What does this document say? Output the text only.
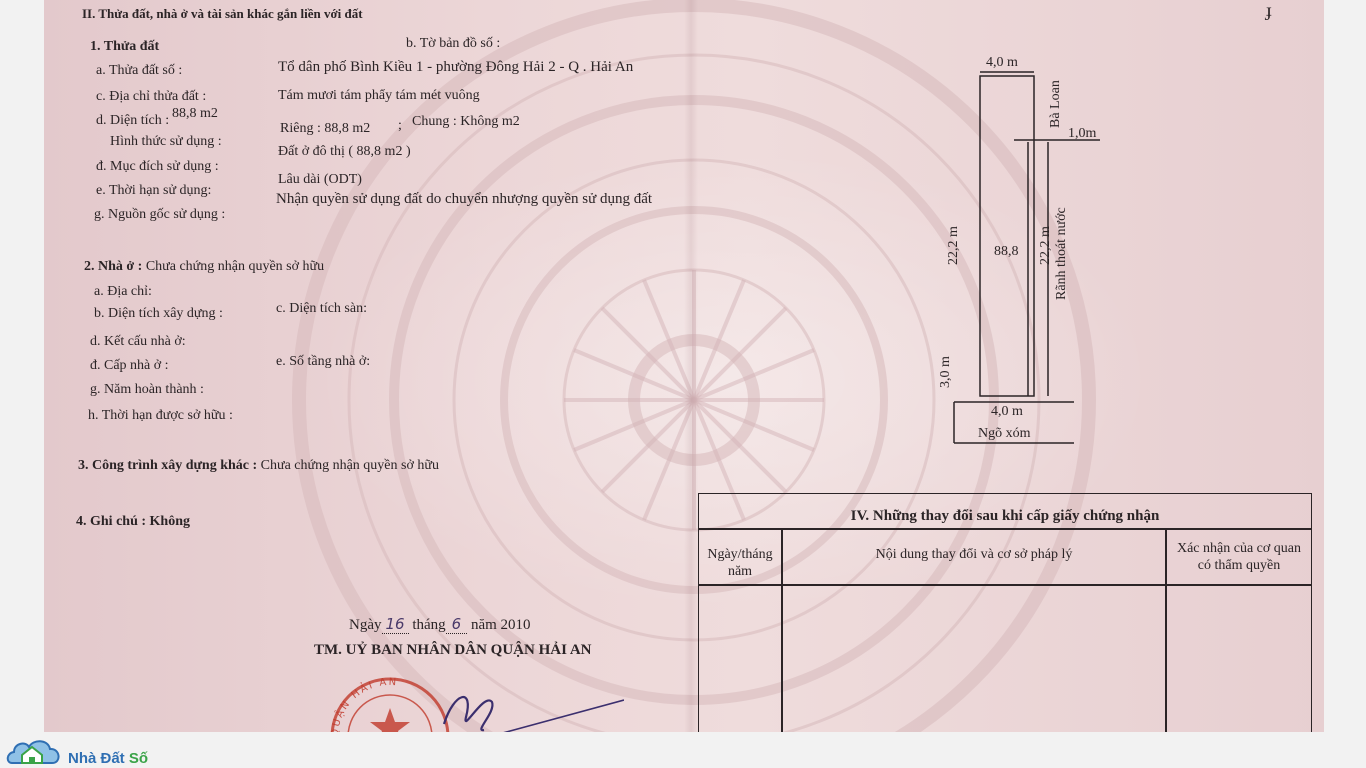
II. Thửa đất, nhà ở và tài sản khác gắn liền với đất
1. Thửa đất	b. Tờ bản đồ số :
a. Thửa đất số :
c. Địa chỉ thửa đất :
Tổ dân phố Bình Kiều 1 - phường Đông Hải 2 - Q . Hải An
d. Diện tích : 88,8 m2
Tám mươi tám phẩy tám mét vuông
Hình thức sử dụng :
Riêng : 88,8 m2 ; Chung : Không m2
đ. Mục đích sử dụng :
Đất ở đô thị ( 88,8 m2 )
e. Thời hạn sử dụng:
Lâu dài (ODT)
g. Nguồn gốc sử dụng :
Nhận quyền sử dụng đất do chuyển nhượng quyền sử dụng đất
2. Nhà ở : Chưa chứng nhận quyền sở hữu
a. Địa chỉ:
b. Diện tích xây dựng :	c. Diện tích sàn:
d. Kết cấu nhà ở:
đ. Cấp nhà ở :	e. Số tầng nhà ở:
g. Năm hoàn thành :
h. Thời hạn được sở hữu :
3. Công trình xây dựng khác : Chưa chứng nhận quyền sở hữu
4. Ghi chú : Không
Ngày 16 tháng 6 năm 2010
TM. UỶ BAN NHÂN DÂN QUẬN HẢI AN
QUẬN HẢI AN
4,0 m
Bà Loan
1,0m
22,2 m 88,8 22,2 m Rãnh thoát nước
3,0 m
4,0 m
Ngõ xóm
IV. Những thay đổi sau khi cấp giấy chứng nhận
Ngày/tháng
năm
Nội dung thay đổi và cơ sở pháp lý	Xác nhận của cơ quan
có thẩm quyền
ɟ
Nhà Đất Số
